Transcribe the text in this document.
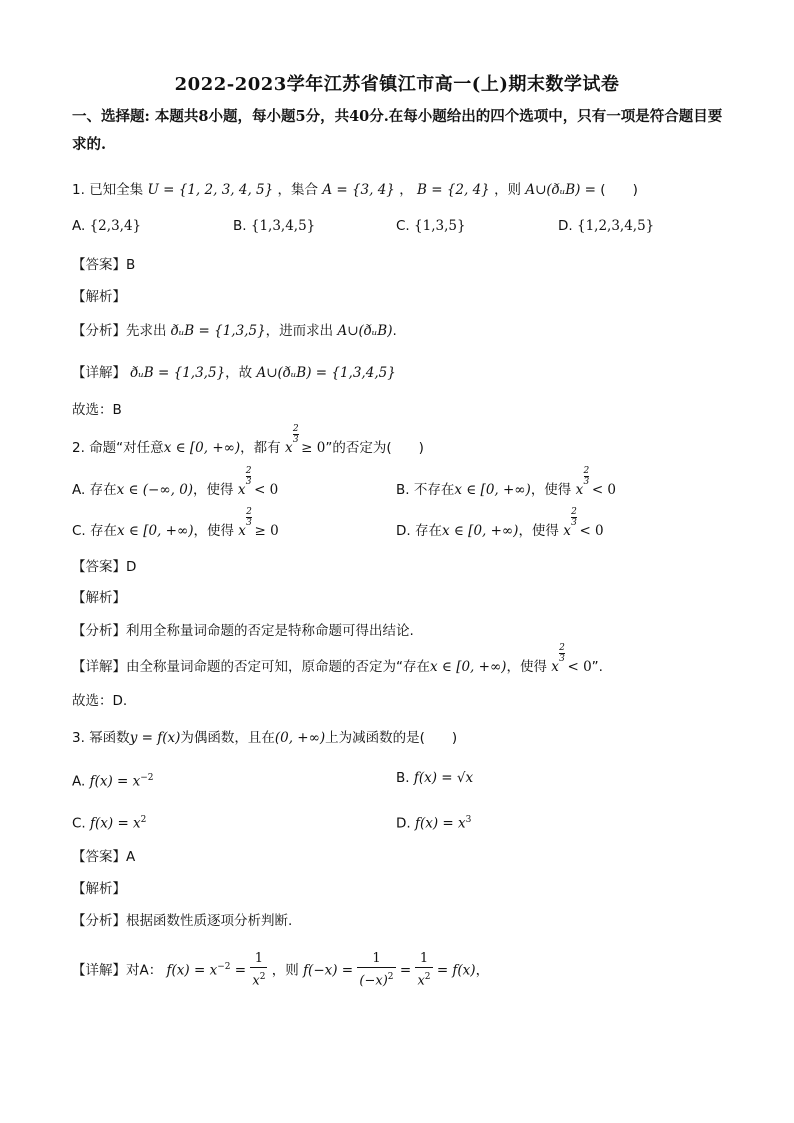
2022-2023学年江苏省镇江市高一(上)期末数学试卷
一、选择题: 本题共8小题，每小题5分，共40分.在每小题给出的四个选项中，只有一项是符合题目要求的.
1. 已知全集 U = {1, 2, 3, 4, 5} ，集合 A = {3, 4} ， B = {2, 4} ，则 A∪(ðᵤB) = (　　)
A. {2,3,4}	B. {1,3,4,5}	C. {1,3,5}	D. {1,2,3,4,5}
【答案】B
【解析】
【分析】先求出 ðᵤB = {1,3,5}，进而求出 A∪(ðᵤB).
【详解】 ðᵤB = {1,3,5}，故 A∪(ðᵤB) = {1,3,4,5}
故选：B
2. 命题“对任意x ∈ [0, +∞)，都有 x
2
3 ≥ 0”的否定为(　　)
A. 存在x ∈ (−∞, 0)，使得 x
2
3 < 0	B. 不存在x ∈ [0, +∞)，使得 x
2
3 < 0
C. 存在x ∈ [0, +∞)，使得 x
2
3 ≥ 0	D. 存在x ∈ [0, +∞)，使得 x
2
3 < 0
【答案】D
【解析】
【分析】利用全称量词命题的否定是特称命题可得出结论.
【详解】由全称量词命题的否定可知，原命题的否定为“存在x ∈ [0, +∞)，使得 x
2
3 < 0”.
故选：D.
3. 幂函数y = f(x)为偶函数，且在(0, +∞)上为减函数的是(　　)
A. $f(x) = x^{-2}$	B. f(x) = √x
C. $f(x) = x^2$	D. $f(x) = x^3$
【答案】A
【解析】
【分析】根据函数性质逐项分析判断.
【详解】对A： $f(x) = x^{-2} = \frac{1}{x^2}$ ，则 $f(-x) = \frac{1}{(-x)^2} = \frac{1}{x^2} = f(x)$，
